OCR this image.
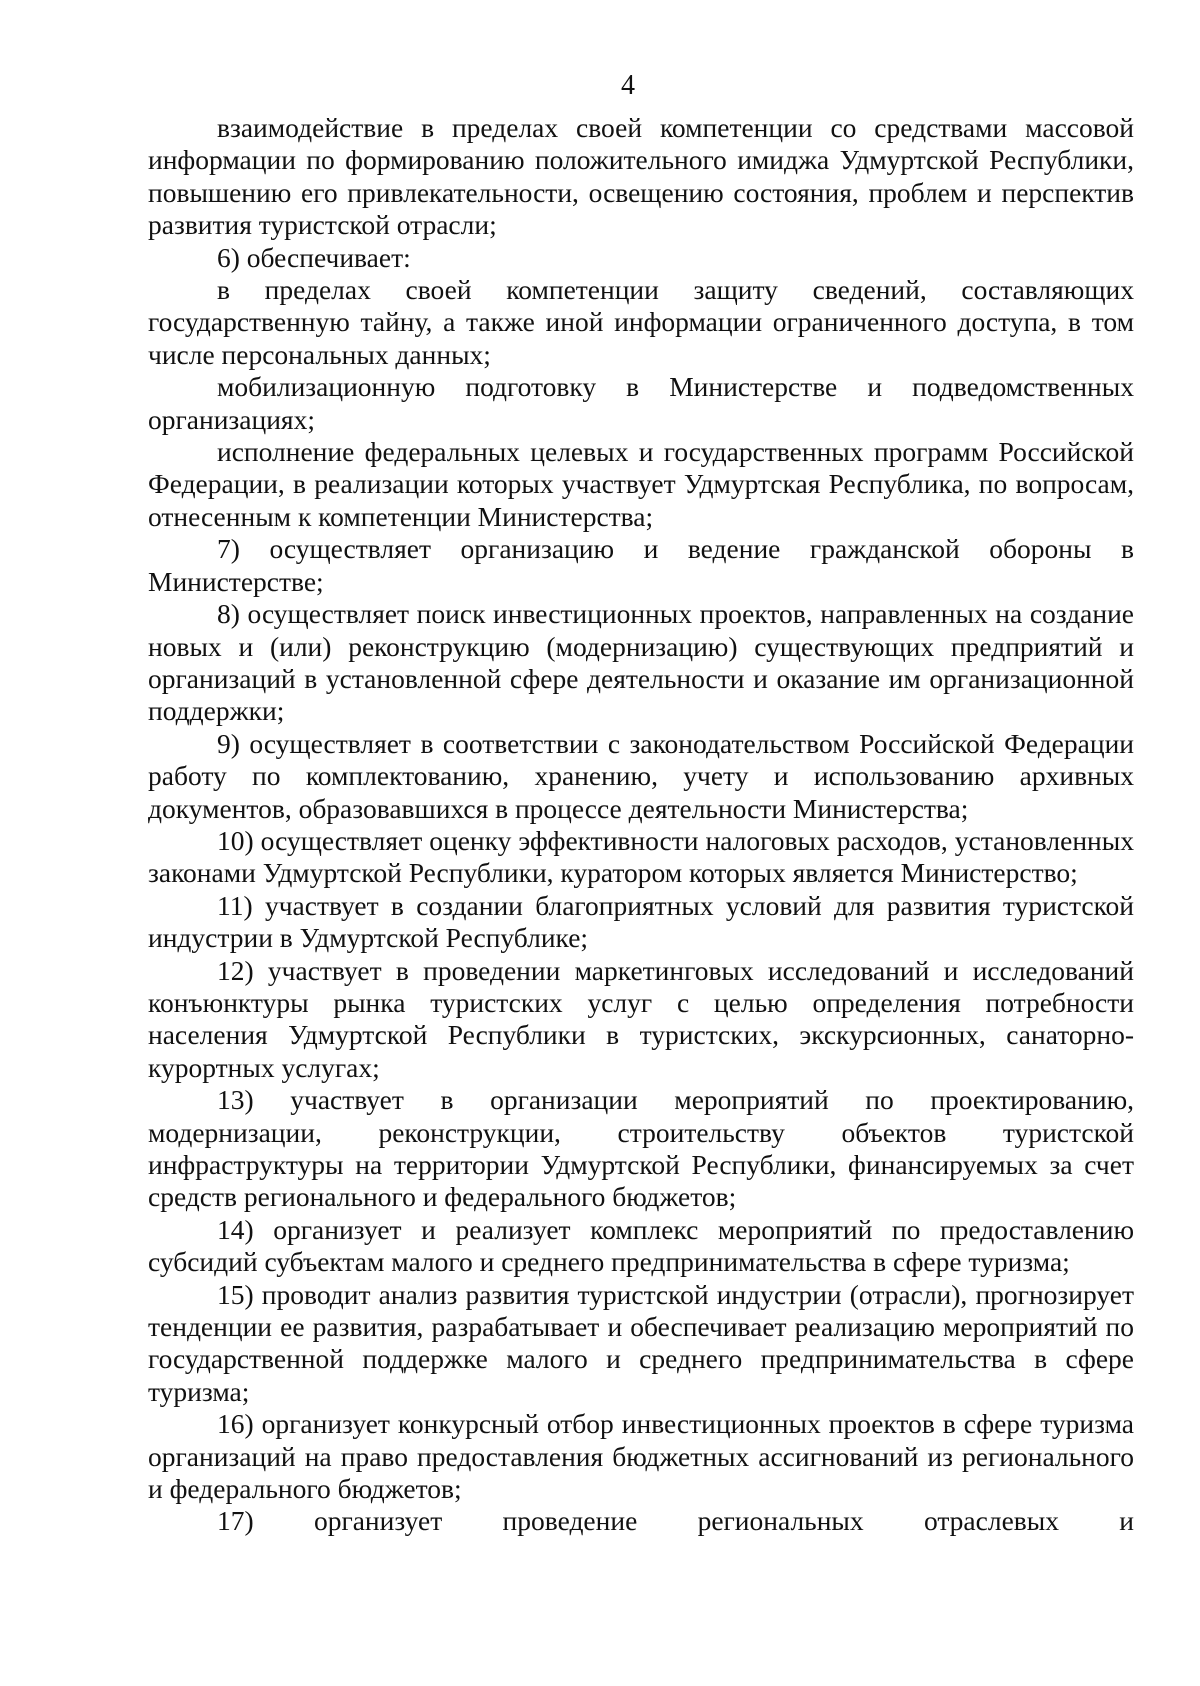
4

взаимодействие в пределах своей компетенции со средствами массовой информации по формированию положительного имиджа Удмуртской Республики, повышению его привлекательности, освещению состояния, проблем и перспектив развития туристской отрасли;

6) обеспечивает:

в пределах своей компетенции защиту сведений, составляющих государственную тайну, а также иной информации ограниченного доступа, в том числе персональных данных;

мобилизационную подготовку в Министерстве и подведомственных организациях;

исполнение федеральных целевых и государственных программ Российской Федерации, в реализации которых участвует Удмуртская Республика, по вопросам, отнесенным к компетенции Министерства;

7) осуществляет организацию и ведение гражданской обороны в Министерстве;

8) осуществляет поиск инвестиционных проектов, направленных на создание новых и (или) реконструкцию (модернизацию) существующих предприятий и организаций в установленной сфере деятельности и оказание им организационной поддержки;

9) осуществляет в соответствии с законодательством Российской Федерации работу по комплектованию, хранению, учету и использованию архивных документов, образовавшихся в процессе деятельности Министерства;

10) осуществляет оценку эффективности налоговых расходов, установленных законами Удмуртской Республики, куратором которых является Министерство;

11) участвует в создании благоприятных условий для развития туристской индустрии в Удмуртской Республике;

12) участвует в проведении маркетинговых исследований и исследований конъюнктуры рынка туристских услуг с целью определения потребности населения Удмуртской Республики в туристских, экскурсионных, санаторно-курортных услугах;

13) участвует в организации мероприятий по проектированию, модернизации, реконструкции, строительству объектов туристской инфраструктуры на территории Удмуртской Республики, финансируемых за счет средств регионального и федерального бюджетов;

14) организует и реализует комплекс мероприятий по предоставлению субсидий субъектам малого и среднего предпринимательства в сфере туризма;

15) проводит анализ развития туристской индустрии (отрасли), прогнозирует тенденции ее развития, разрабатывает и обеспечивает реализацию мероприятий по государственной поддержке малого и среднего предпринимательства в сфере туризма;

16) организует конкурсный отбор инвестиционных проектов в сфере туризма организаций на право предоставления бюджетных ассигнований из регионального и федерального бюджетов;

17) организует проведение региональных отраслевых и
